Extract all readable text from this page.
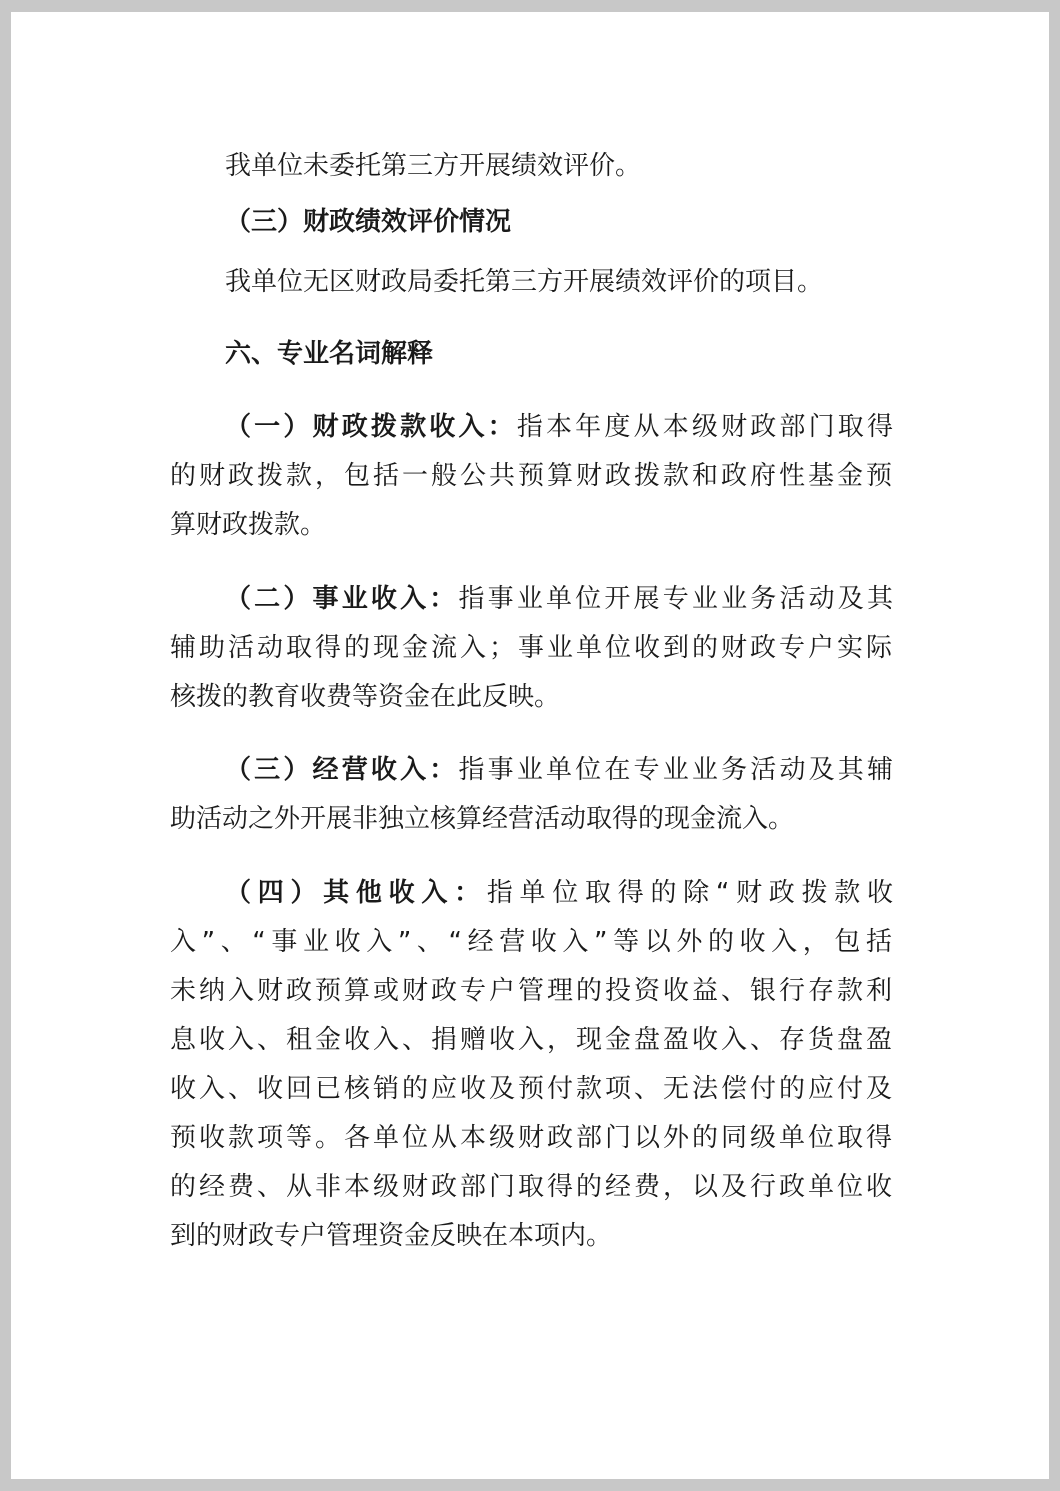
我单位未委托第三方开展绩效评价。
（三）财政绩效评价情况
我单位无区财政局委托第三方开展绩效评价的项目。
六、专业名词解释
（一）财政拨款收入：指本年度从本级财政部门取得
的财政拨款，包括一般公共预算财政拨款和政府性基金预
算财政拨款。
（二）事业收入：指事业单位开展专业业务活动及其
辅助活动取得的现金流入；事业单位收到的财政专户实际
核拨的教育收费等资金在此反映。
（三）经营收入：指事业单位在专业业务活动及其辅
助活动之外开展非独立核算经营活动取得的现金流入。
（四）其他收入：指单位取得的除“财政拨款收
入”、“事业收入”、“经营收入”等以外的收入，包括
未纳入财政预算或财政专户管理的投资收益、银行存款利
息收入、租金收入、捐赠收入，现金盘盈收入、存货盘盈
收入、收回已核销的应收及预付款项、无法偿付的应付及
预收款项等。各单位从本级财政部门以外的同级单位取得
的经费、从非本级财政部门取得的经费，以及行政单位收
到的财政专户管理资金反映在本项内。
